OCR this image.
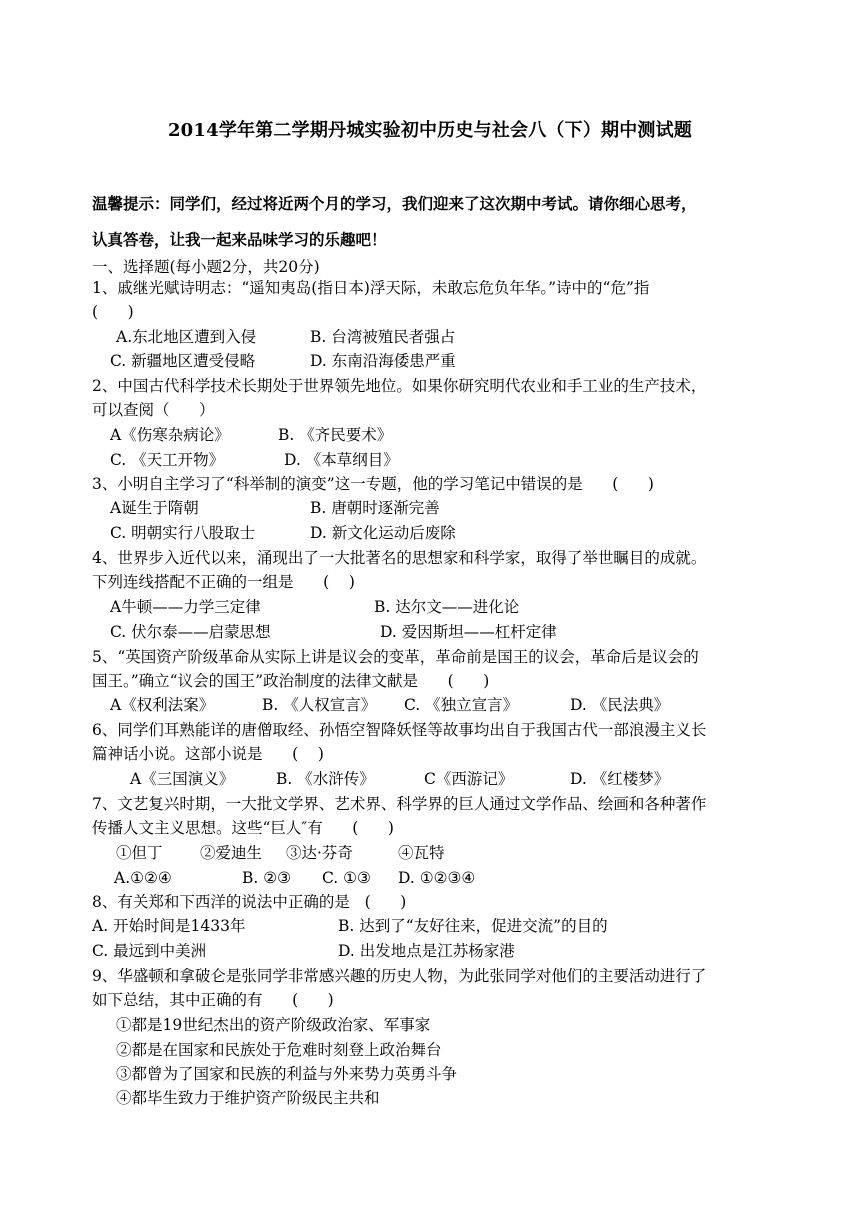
2014学年第二学期丹城实验初中历史与社会八（下）期中测试题
温馨提示：同学们，经过将近两个月的学习，我们迎来了这次期中考试。请你细心思考，
认真答卷，让我一起来品味学习的乐趣吧！
一、选择题(每小题2分，共20分)
1、戚继光赋诗明志：“遥知夷岛(指日本)浮天际，未敢忘危负年华。”诗中的“危”指
(      )
A.东北地区遭到入侵	B. 台湾被殖民者强占
C. 新疆地区遭受侵略	D. 东南沿海倭患严重
2、中国古代科学技术长期处于世界领先地位。如果你研究明代农业和手工业的生产技术，
可以查阅（      ）
A《伤寒杂病论》	B. 《齐民要术》
C. 《天工开物》	D. 《本草纲目》
3、小明自主学习了“科举制的演变”这一专题，他的学习笔记中错误的是      (      )
A诞生于隋朝	B. 唐朝时逐渐完善
C. 明朝实行八股取士	D. 新文化运动后废除
4、世界步入近代以来，涌现出了一大批著名的思想家和科学家，取得了举世瞩目的成就。
下列连线搭配不正确的一组是      (    )
A牛顿——力学三定律	B. 达尔文——进化论
C. 伏尔泰——启蒙思想	D. 爱因斯坦——杠杆定律
5、“英国资产阶级革命从实际上讲是议会的变革，革命前是国王的议会，革命后是议会的
国王。”确立“议会的国王”政治制度的法律文献是      (      )
A《权利法案》	B. 《人权宣言》 C. 《独立宣言》	D. 《民法典》
6、同学们耳熟能详的唐僧取经、孙悟空智降妖怪等故事均出自于我国古代一部浪漫主义长
篇神话小说。这部小说是      (    )
A《三国演义》	B. 《水浒传》	C《西游记》	D. 《红楼梦》
7、文艺复兴时期，一大批文学界、艺术界、科学界的巨人通过文学作品、绘画和各种著作
传播人文主义思想。这些“巨人″有      (      )
①但丁 ②爱迪生 ③达·芬奇	④瓦特
A.①②④	B. ②③ C. ①③ D. ①②③④
8、有关郑和下西洋的说法中正确的是   (      )
A. 开始时间是1433年	B. 达到了“友好往来，促进交流”的目的
C. 最远到中美洲	D. 出发地点是江苏杨家港
9、华盛顿和拿破仑是张同学非常感兴趣的历史人物，为此张同学对他们的主要活动进行了
如下总结，其中正确的有      (      )
①都是19世纪杰出的资产阶级政治家、军事家
②都是在国家和民族处于危难时刻登上政治舞台
③都曾为了国家和民族的利益与外来势力英勇斗争
④都毕生致力于维护资产阶级民主共和
